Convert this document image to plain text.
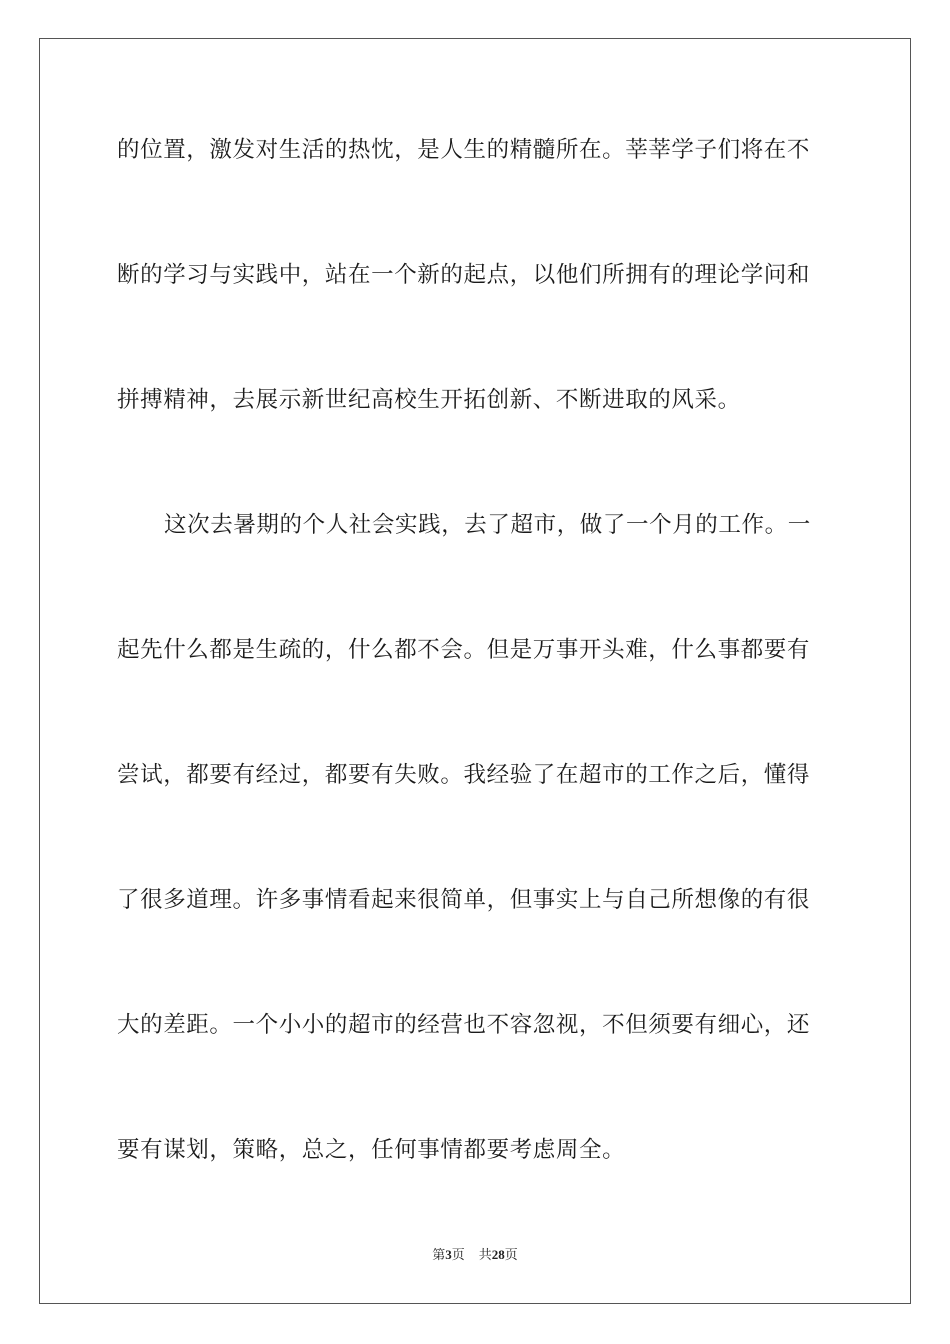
的位置，激发对生活的热忱，是人生的精髓所在。莘莘学子们将在不
断的学习与实践中，站在一个新的起点，以他们所拥有的理论学问和
拼搏精神，去展示新世纪高校生开拓创新、不断进取的风采。
这次去暑期的个人社会实践，去了超市，做了一个月的工作。一
起先什么都是生疏的，什么都不会。但是万事开头难，什么事都要有
尝试，都要有经过，都要有失败。我经验了在超市的工作之后，懂得
了很多道理。许多事情看起来很简单，但事实上与自己所想像的有很
大的差距。一个小小的超市的经营也不容忽视，不但须要有细心，还
要有谋划，策略，总之，任何事情都要考虑周全。
第3页 共28页
